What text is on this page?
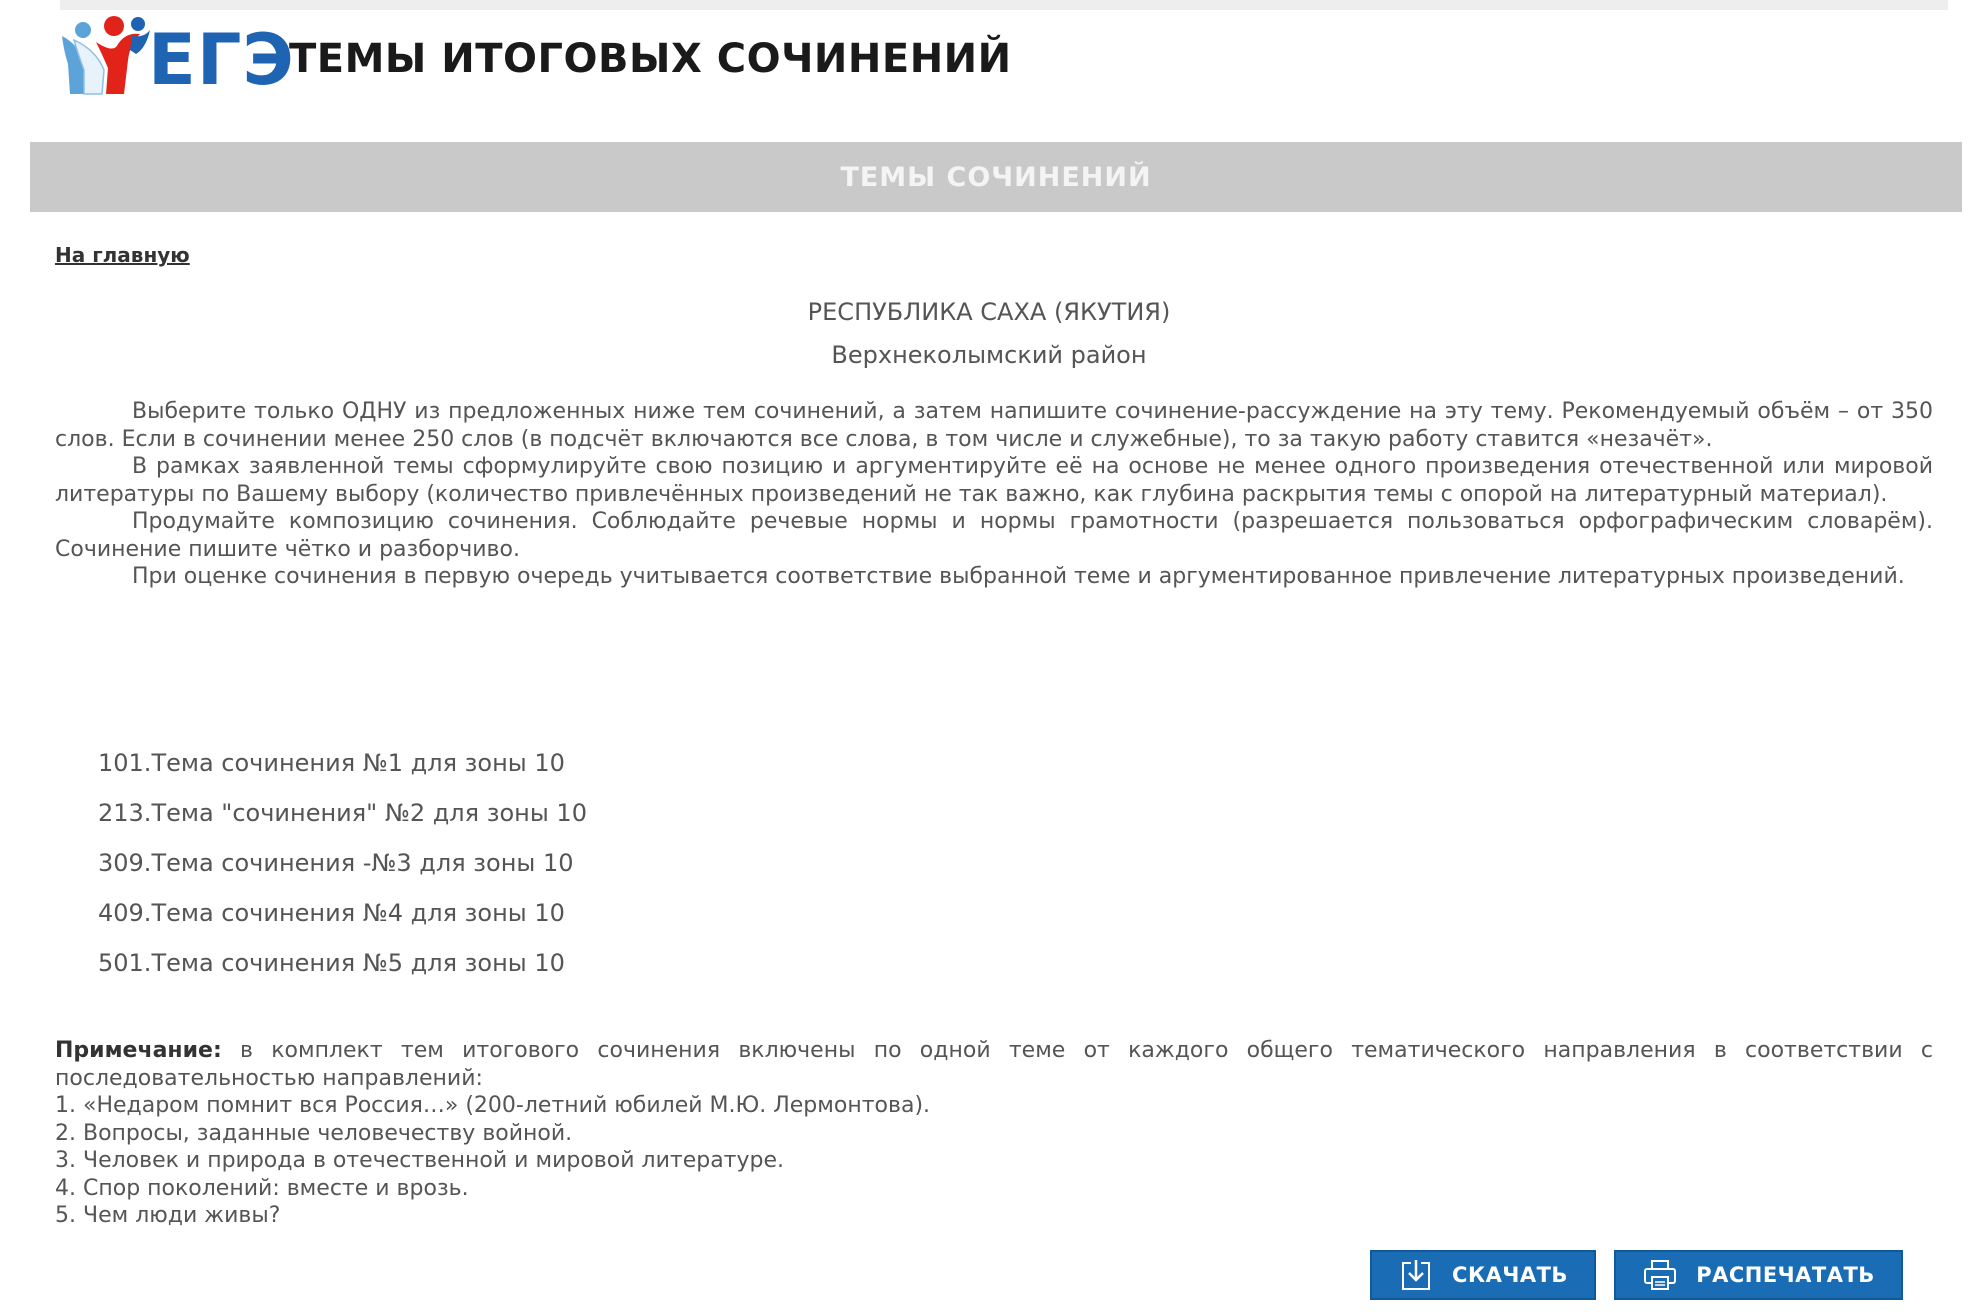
ЕГЭ
ТЕМЫ ИТОГОВЫХ СОЧИНЕНИЙ
ТЕМЫ СОЧИНЕНИЙ
На главную
РЕСПУБЛИКА САХА (ЯКУТИЯ)
Верхнеколымский район

Выберите только ОДНУ из предложенных ниже тем сочинений, а затем напишите сочинение-рассуждение на эту тему. Рекомендуемый объём – от 350 слов. Если в сочинении менее 250 слов (в подсчёт включаются все слова, в том числе и служебные), то за такую работу ставится «незачёт».

В рамках заявленной темы сформулируйте свою позицию и аргументируйте её на основе не менее одного произведения отечественной или мировой литературы по Вашему выбору (количество привлечённых произведений не так важно, как глубина раскрытия темы с опорой на литературный материал).

Продумайте композицию сочинения. Соблюдайте речевые нормы и нормы грамотности (разрешается пользоваться орфографическим словарём). Сочинение пишите чётко и разборчиво.

При оценке сочинения в первую очередь учитывается соответствие выбранной теме и аргументированное привлечение литературных произведений.

101.Тема сочинения №1 для зоны 10
213.Тема "сочинения" №2 для зоны 10
309.Тема сочинения -№3 для зоны 10
409.Тема сочинения №4 для зоны 10
501.Тема сочинения №5 для зоны 10
Примечание: в комплект тем итогового сочинения включены по одной теме от каждого общего тематического направления в соответствии с последовательностью направлений:
1. «Недаром помнит вся Россия…» (200-летний юбилей М.Ю. Лермонтова).
2. Вопросы, заданные человечеству войной.
3. Человек и природа в отечественной и мировой литературе.
4. Спор поколений: вместе и врозь.
5. Чем люди живы?
СКАЧАТЬ	РАСПЕЧАТАТЬ
